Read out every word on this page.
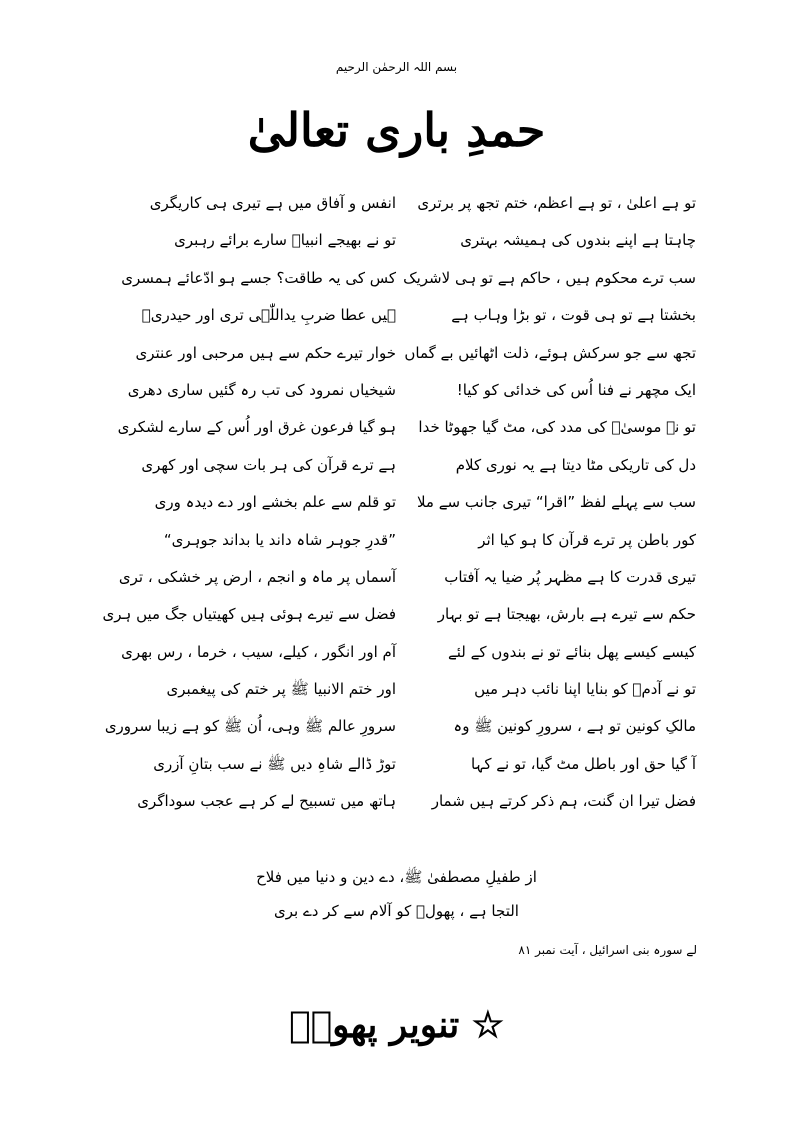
بسم اللہ الرحمٰن الرحیم
حمدِ باری تعالیٰ
تو ہے اعلیٰ ، تو ہے اعظم، ختم تجھ پر برتری
انفس و آفاق میں ہے تیری ہی کاریگری
چاہتا ہے اپنے بندوں کی ہمیشہ بہتری
تو نے بھیجے انبیاؑ سارے برائے رہبری
سب ترے محکوم ہیں ، حاکم ہے تو ہی لاشریک
کس کی یہ طاقت؟ جسے ہو ادّعائے ہمسری
بخشتا ہے تو ہی قوت ، تو بڑا وہاب ہے
ہیں عطا ضربِ یداللّٰہی تری اور حیدریؓ
تجھ سے جو سرکش ہوئے، ذلت اٹھائیں بے گماں
خوار تیرے حکم سے ہیں مرحبی اور عنتری
ایک مچھر نے فنا اُس کی خدائی کو کیا!
شیخیاں نمرود کی تب رہ گئیں ساری دھری
تو نے موسیٰؑ کی مدد کی، مٹ گیا جھوٹا خدا
ہو گیا فرعون غرق اور اُس کے سارے لشکری
دل کی تاریکی مٹا دیتا ہے یہ نوری کلام
ہے ترے قرآن کی ہر بات سچی اور کھری
سب سے پہلے لفظ ”اقرا“ تیری جانب سے ملا
تو قلم سے علم بخشے اور دے دیدہ وری
کور باطن پر ترے قرآن کا ہو کیا اثر
”قدرِ جوہر شاہ داند یا بداند جوہری“
تیری قدرت کا ہے مظہر پُر ضیا یہ آفتاب
آسماں پر ماہ و انجم ، ارض پر خشکی ، تری
حکم سے تیرے ہے بارش، بھیجتا ہے تو بہار
فضل سے تیرے ہوئی ہیں کھیتیاں جگ میں ہری
کیسے کیسے پھل بنائے تو نے بندوں کے لئے
آم اور انگور ، کیلے، سیب ، خرما ، رس بھری
تو نے آدمؑ کو بنایا اپنا نائب دہر میں
اور ختم الانبیا ﷺ پر ختم کی پیغمبری
مالکِ کونین تو ہے ، سرورِ کونین ﷺ وہ
سرورِ عالم ﷺ وہی، اُن ﷺ کو ہے زیبا سروری
آ گیا حق اور باطل مٹ گیا، تو نے کہا
توڑ ڈالے شاہِ دیں ﷺ نے سب بتانِ آزری
فضل تیرا ان گنت، ہم ذکر کرتے ہیں شمار
ہاتھ میں تسبیح لے کر ہے عجب سوداگری
از طفیلِ مصطفیٰ ﷺ، دے دین و دنیا میں فلاح
التجا ہے ، پھولؔ کو آلام سے کر دے بری
لے سورہ بنی اسرائیل ، آیت نمبر ۸۱
☆ تنویر پھولؔ
